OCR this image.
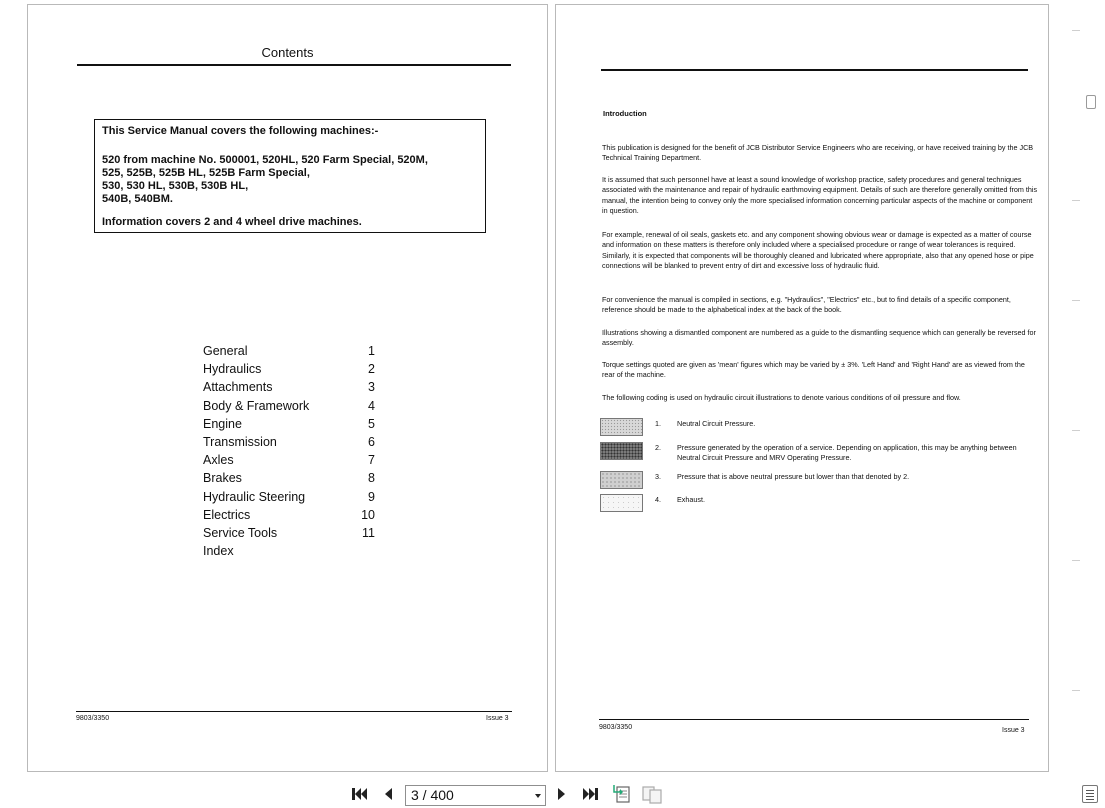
Contents
This Service Manual covers the following machines:-
520 from machine No. 500001, 520HL, 520 Farm Special, 520M,
525, 525B, 525B HL, 525B Farm Special,
530, 530 HL, 530B, 530B HL,
540B, 540BM.
Information covers 2 and 4 wheel drive machines.
General	1
Hydraulics	2
Attachments	3
Body & Framework	4
Engine	5
Transmission	6
Axles	7
Brakes	8
Hydraulic Steering	9
Electrics	10
Service Tools	11
Index
9803/3350	Issue 3
Introduction
This publication is designed for the benefit of JCB Distributor Service Engineers who are receiving, or have received training by the JCB Technical Training Department.
It is assumed that such personnel have at least a sound knowledge of workshop practice, safety procedures and general techniques associated with the maintenance and repair of hydraulic earthmoving equipment. Details of such are therefore generally omitted from this manual, the intention being to convey only the more specialised information concerning particular aspects of the machine or component in question.
For example, renewal of oil seals, gaskets etc. and any component showing obvious wear or damage is expected as a matter of course and information on these matters is therefore only included where a specialised procedure or range of wear tolerances is required. Similarly, it is expected that components will be thoroughly cleaned and lubricated where appropriate, also that any opened hose or pipe connections will be blanked to prevent entry of dirt and excessive loss of hydraulic fluid.
For convenience the manual is compiled in sections, e.g. "Hydraulics", "Electrics" etc., but to find details of a specific component, reference should be made to the alphabetical index at the back of the book.
Illustrations showing a dismantled component are numbered as a guide to the dismantling sequence which can generally be reversed for assembly.
Torque settings quoted are given as 'mean' figures which may be varied by ± 3%. 'Left Hand' and 'Right Hand' are as viewed from the rear of the machine.
The following coding is used on hydraulic circuit illustrations to denote various conditions of oil pressure and flow.
1. Neutral Circuit Pressure.
2. Pressure generated by the operation of a service. Depending on application, this may be anything between Neutral Circuit Pressure and MRV Operating Pressure.
3. Pressure that is above neutral pressure but lower than that denoted by 2.
4. Exhaust.
9803/3350	Issue 3
3 / 400
